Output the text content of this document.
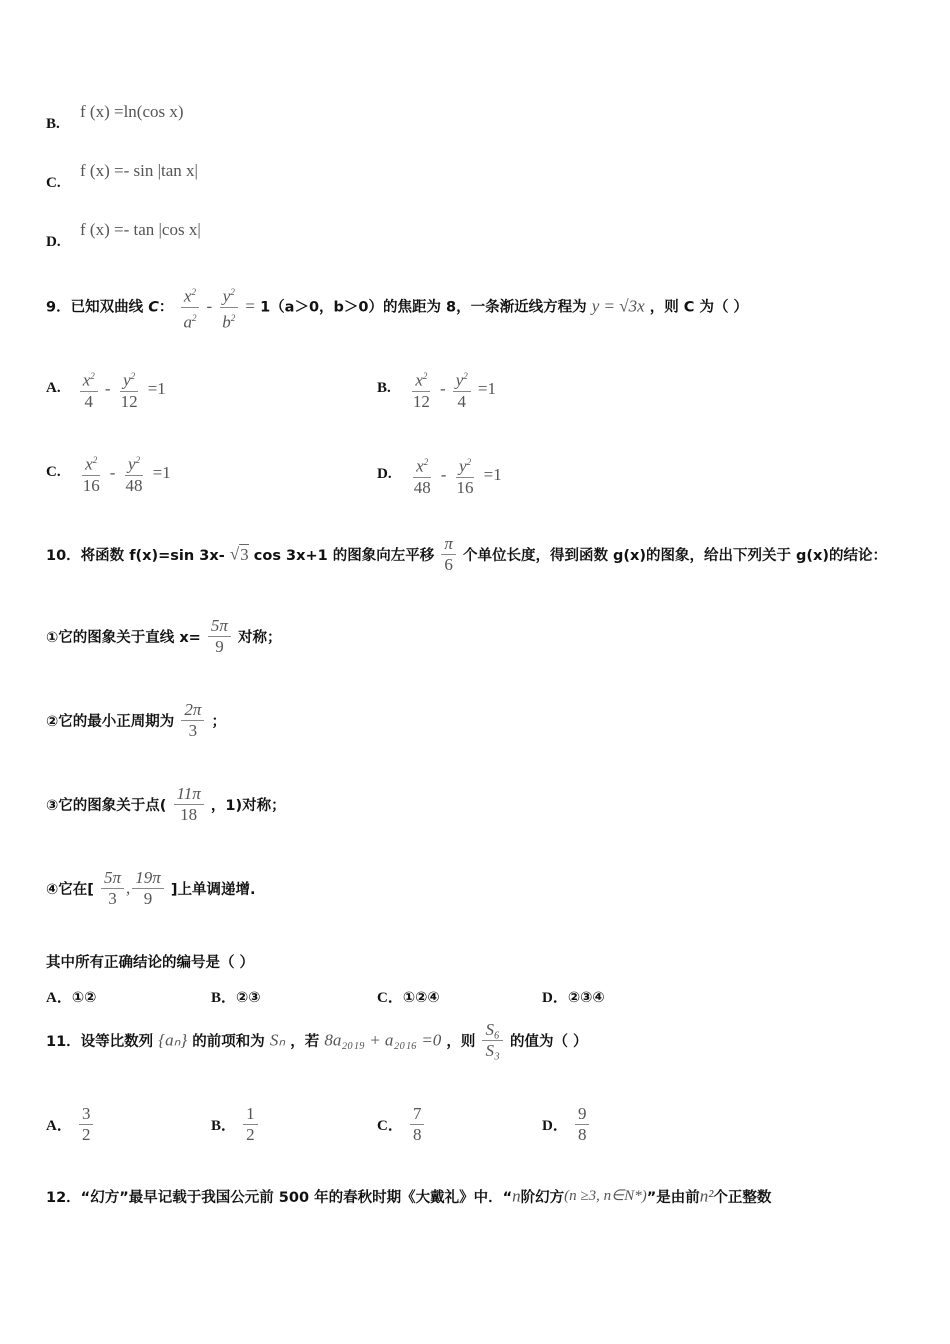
B.
f (x) =ln(cos x)
C.
f (x) =- sin |tan x|
D.
f (x) =- tan |cos x|
9．已知双曲线 C： $\frac{x^2}{a^2} - \frac{y^2}{b^2} = 1(a>0$，b＞0）的焦距为 8，一条渐近线方程为 y = √3x ，则 C 为（ ）
A. $\frac{x^2}{4} - \frac{y^2}{12} =1$	B. $\frac{x^2}{12} - \frac{y^2}{4} =1$
C. $\frac{x^2}{16} - \frac{y^2}{48} =1$	D. $\frac{x^2}{48} - \frac{y^2}{16} =1$
10．将函数 f(x)=sin 3x- √3 cos 3x+1 的图象向左平移 $\frac{\pi}{6}$ 个单位长度，得到函数 g(x)的图象，给出下列关于 g(x)的结论：
①它的图象关于直线 $x= \frac{5\pi}{9}$ 对称；
②它的最小正周期为 $\frac{2\pi}{3}$ ；
③它的图象关于点( $\frac{11\pi}{18}$ ，1)对称；
④它在[ $\frac{5\pi}{3}$ , $\frac{19\pi}{9}$ ]上单调递增.
其中所有正确结论的编号是（ ）
A．①②	B．②③	C．①②④	D．②③④
11．设等比数列 {aₙ} 的前项和为 Sₙ ，若 8a₂₀₁₉ + a₂₀₁₆ =0 ，则 $\frac{\text{S₆}}{\text{S₃}}$ 的值为（ ）
A． $\frac{3}{2}$	B． $\frac{1}{2}$	C． $\frac{7}{8}$	D． $\frac{9}{8}$
12．“幻方”最早记载于我国公元前 500 年的春秋时期《大戴礼》中．“n阶幻方(n ≥3, n∈N*)”是由前n²个正整数
